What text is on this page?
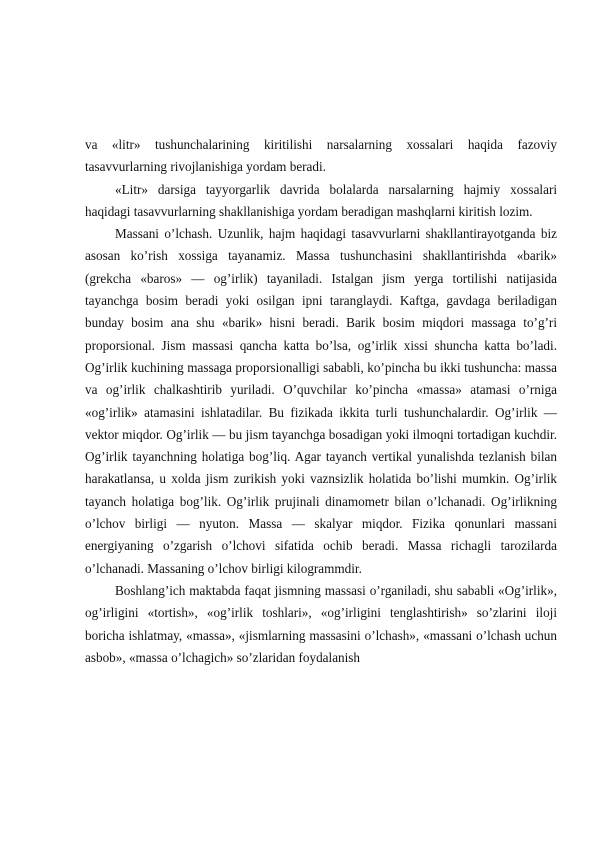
va «litr» tushunchalarining kiritilishi narsalarning xossalari haqida fazoviy tasavvurlarning rivojlanishiga yordam beradi.

«Litr» darsiga tayyorgarlik davrida bolalarda narsalarning hajmiy xossalari haqidagi tasavvurlarning shakllanishiga yordam beradigan mashqlarni kiritish lozim.

Massani o’lchash. Uzunlik, hajm haqidagi tasavvurlarni shakllantirayotganda biz asosan ko’rish xossiga tayanamiz. Massa tushunchasini shakllantirishda «barik» (grekcha «baros» — og’irlik) tayaniladi. Istalgan jism yerga tortilishi natijasida tayanchga bosim beradi yoki osilgan ipni taranglaydi. Kaftga, gavdaga beriladigan bunday bosim ana shu «barik» hisni beradi. Barik bosim miqdori massaga to’g’ri proporsional. Jism massasi qancha katta bo’lsa, og’irlik xissi shuncha katta bo’ladi. Og’irlik kuchining massaga proporsionalligi sababli, ko’pincha bu ikki tushuncha: massa va og’irlik chalkashtirib yuriladi. O’quvchilar ko’pincha «massa» atamasi o’rniga «og’irlik» atamasini ishlatadilar. Bu fizikada ikkita turli tushunchalardir. Og’irlik — vektor miqdor. Og’irlik — bu jism tayanchga bosadigan yoki ilmoqni tortadigan kuchdir. Og’irlik tayanchning holatiga bog’liq. Agar tayanch vertikal yunalishda tezlanish bilan harakatlansa, u xolda jism zurikish yoki vaznsizlik holatida bo’lishi mumkin. Og’irlik tayanch holatiga bog’lik. Og’irlik prujinali dinamometr bilan o’lchanadi. Og’irlikning o’lchov birligi — nyuton. Massa — skalyar miqdor. Fizika qonunlari massani energiyaning o’zgarish o’lchovi sifatida ochib beradi. Massa richagli tarozilarda o’lchanadi. Massaning o’lchov birligi kilogrammdir.

Boshlang’ich maktabda faqat jismning massasi o’rganiladi, shu sababli «Og’irlik», og’irligini «tortish», «og’irlik toshlari», «og’irligini tenglashtirish» so’zlarini iloji boricha ishlatmay, «massa», «jismlarning massasini o’lchash», «massani o’lchash uchun asbob», «massa o’lchagich» so’zlaridan foydalanish
